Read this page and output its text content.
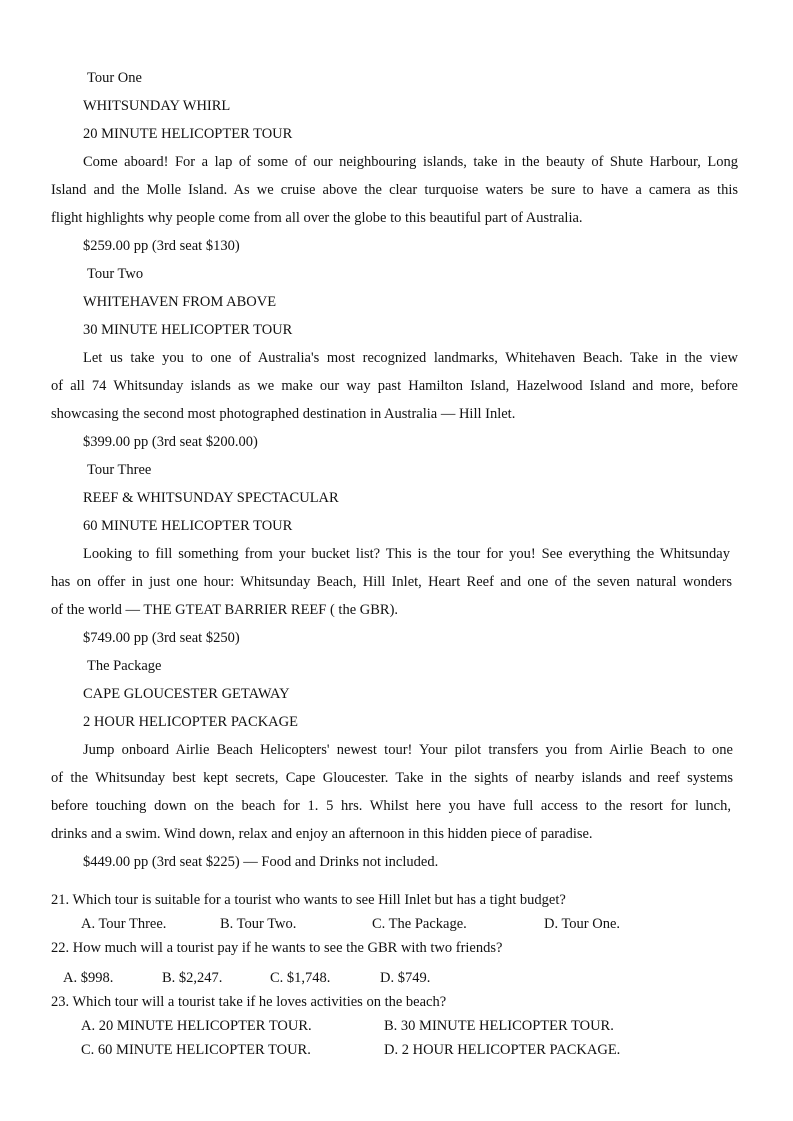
Tour One
WHITSUNDAY WHIRL
20 MINUTE HELICOPTER TOUR
Come aboard! For a lap of some of our neighbouring islands, take in the beauty of Shute Harbour, Long
Island and the Molle Island. As we cruise above the clear turquoise waters be sure to have a camera as this
flight highlights why people come from all over the globe to this beautiful part of Australia.
$259.00 pp (3rd seat $130)
Tour Two
WHITEHAVEN FROM ABOVE
30 MINUTE HELICOPTER TOUR
Let us take you to one of Australia's most recognized landmarks, Whitehaven Beach. Take in the view
of all 74 Whitsunday islands as we make our way past Hamilton Island, Hazelwood Island and more, before
showcasing the second most photographed destination in Australia — Hill Inlet.
$399.00 pp (3rd seat $200.00)
Tour Three
REEF & WHITSUNDAY SPECTACULAR
60 MINUTE HELICOPTER TOUR
Looking to fill something from your bucket list? This is the tour for you! See everything the Whitsunday
has on offer in just one hour: Whitsunday Beach, Hill Inlet, Heart Reef and one of the seven natural wonders
of the world — THE GTEAT BARRIER REEF ( the GBR).
$749.00 pp (3rd seat $250)
The Package
CAPE GLOUCESTER GETAWAY
2 HOUR HELICOPTER PACKAGE
Jump onboard Airlie Beach Helicopters' newest tour! Your pilot transfers you from Airlie Beach to one
of the Whitsunday best kept secrets, Cape Gloucester. Take in the sights of nearby islands and reef systems
before touching down on the beach for 1. 5 hrs. Whilst here you have full access to the resort for lunch,
drinks and a swim. Wind down, relax and enjoy an afternoon in this hidden piece of paradise.
$449.00 pp (3rd seat $225) — Food and Drinks not included.
21. Which tour is suitable for a tourist who wants to see Hill Inlet but has a tight budget?
A. Tour Three.	B. Tour Two.	C. The Package.	D. Tour One.
22. How much will a tourist pay if he wants to see the GBR with two friends?
A. $998.	B. $2,247.	C. $1,748.	D. $749.
23. Which tour will a tourist take if he loves activities on the beach?
A. 20 MINUTE HELICOPTER TOUR.	B. 30 MINUTE HELICOPTER TOUR.
C. 60 MINUTE HELICOPTER TOUR.	D. 2 HOUR HELICOPTER PACKAGE.
